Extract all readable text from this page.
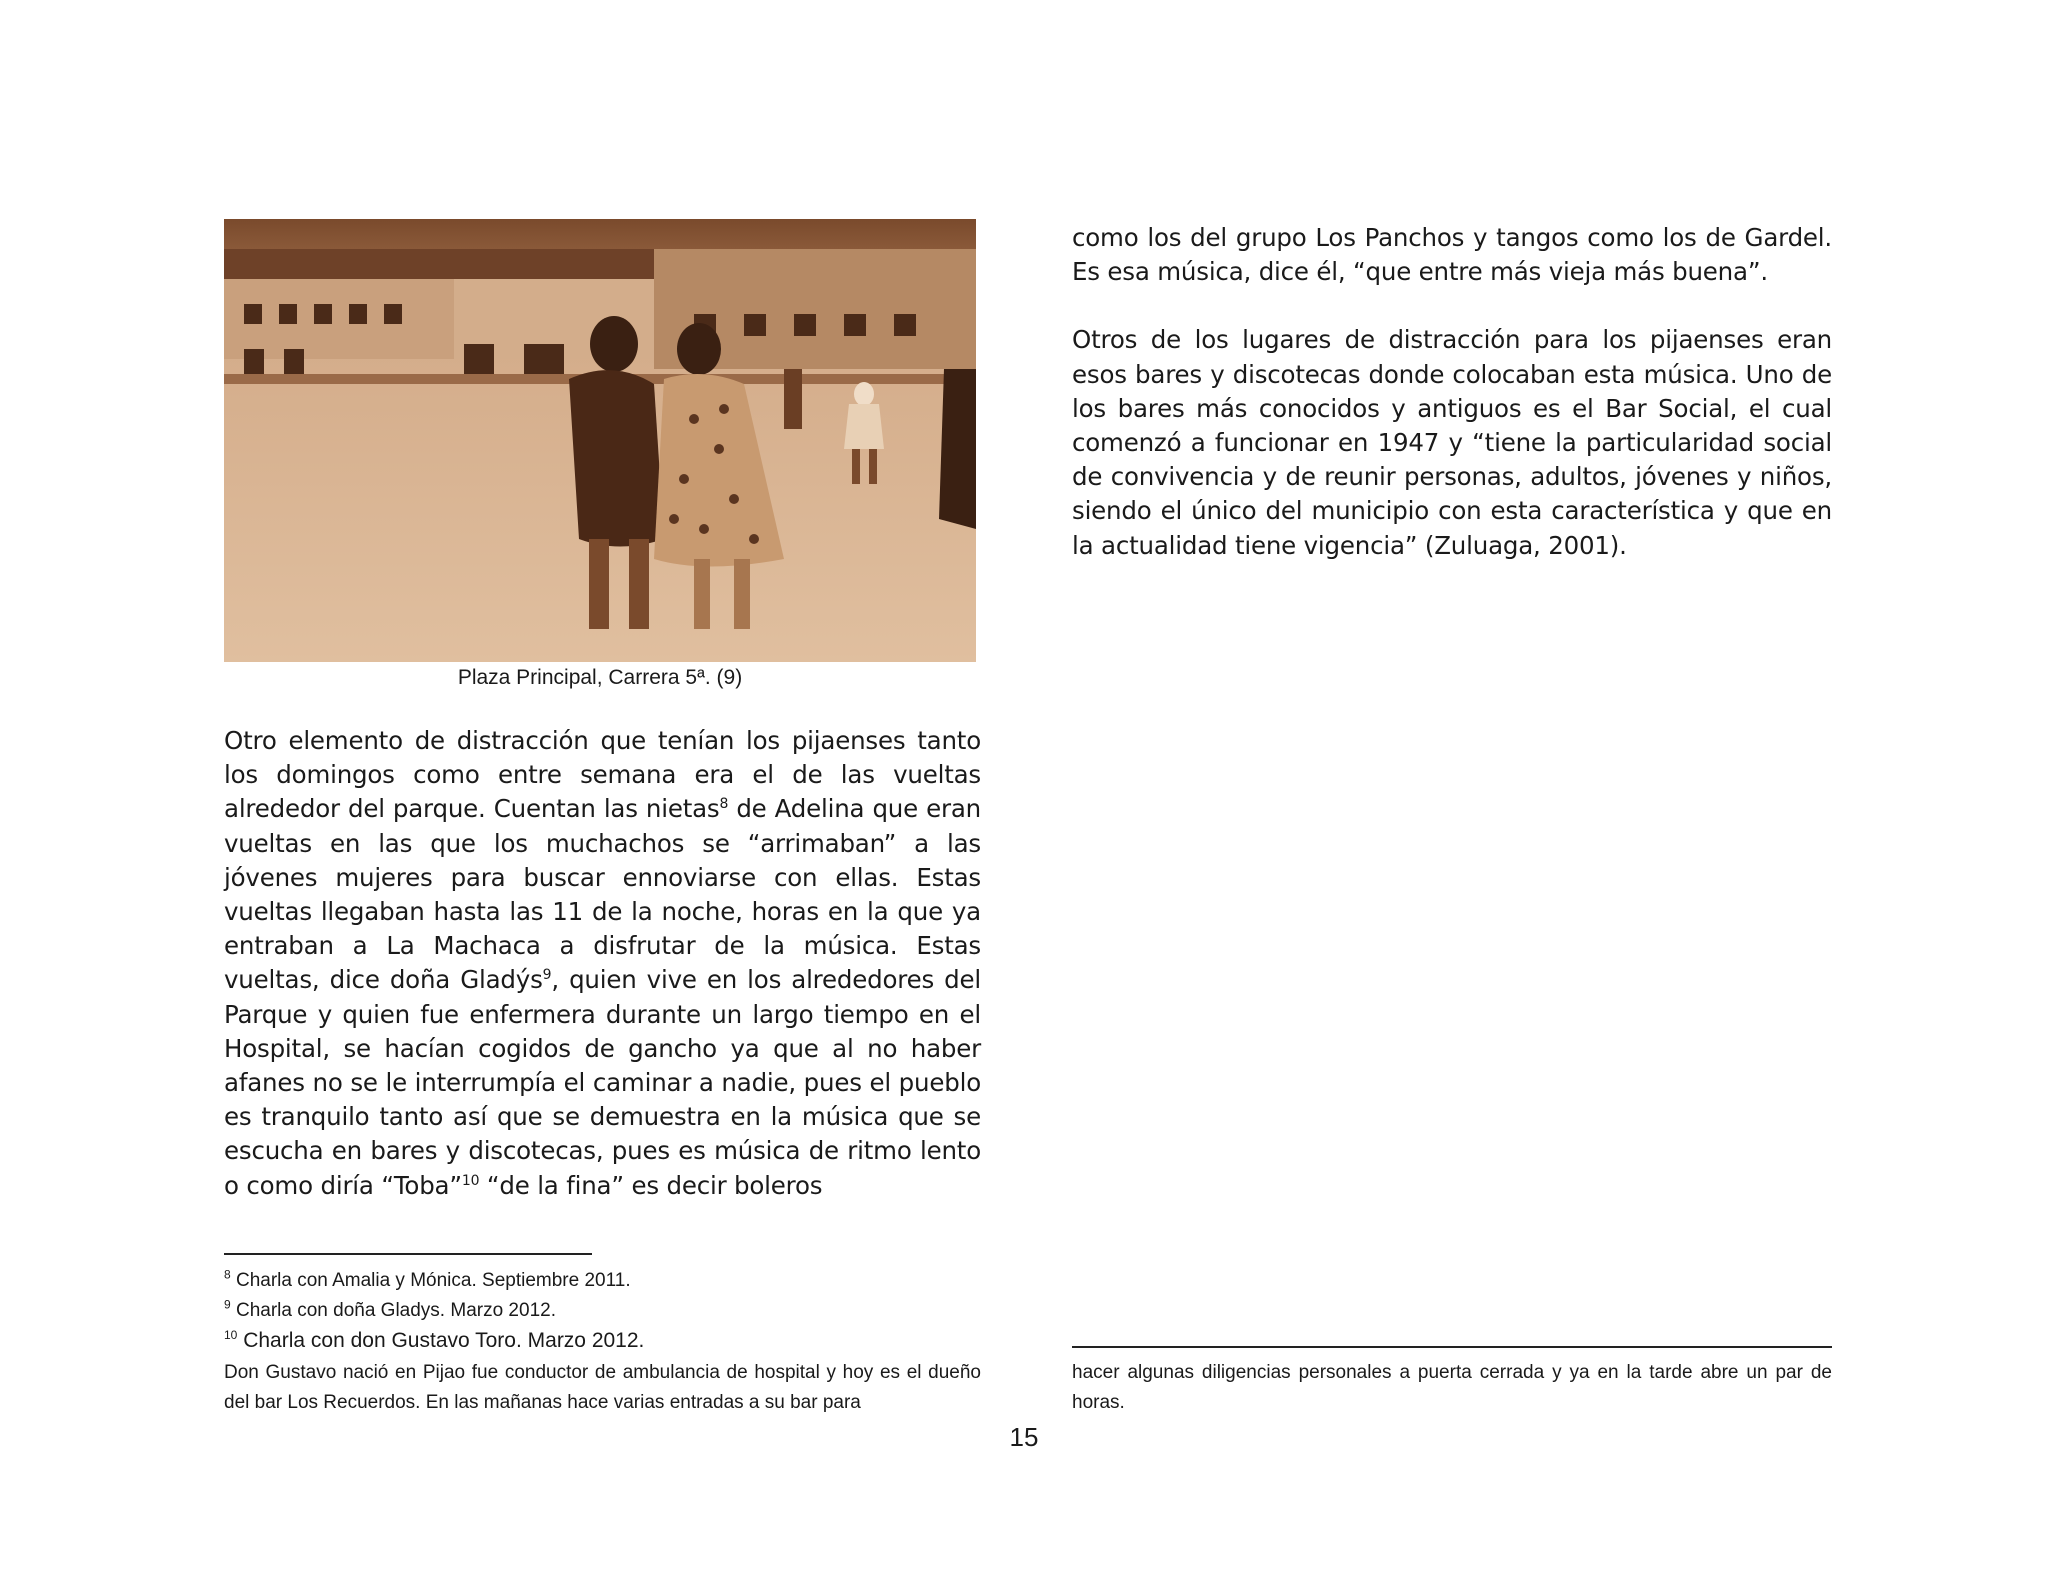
Plaza Principal, Carrera 5ª. (9)

Otro elemento de distracción que tenían los pijaenses tanto los domingos como entre semana era el de las vueltas alrededor del parque. Cuentan las nietas$^8$ de Adelina que eran vueltas en las que los muchachos se “arrimaban” a las jóvenes mujeres para buscar ennoviarse con ellas. Estas vueltas llegaban hasta las 11 de la noche, horas en la que ya entraban a La Machaca a disfrutar de la música. Estas vueltas, dice doña Gladýs$^9$, quien vive en los alrededores del Parque y quien fue enfermera durante un largo tiempo en el Hospital, se hacían cogidos de gancho ya que al no haber afanes no se le interrumpía el caminar a nadie, pues el pueblo es tranquilo tanto así que se demuestra en la música que se escucha en bares y discotecas, pues es música de ritmo lento o como diría “Toba”$^{10}$ “de la fina” es decir boleros

como los del grupo Los Panchos y tangos como los de Gardel. Es esa música, dice él, “que entre más vieja más buena”.

Otros de los lugares de distracción para los pijaenses eran esos bares y discotecas donde colocaban esta música. Uno de los bares más conocidos y antiguos es el Bar Social, el cual comenzó a funcionar en 1947 y “tiene la particularidad social de convivencia y de reunir personas, adultos, jóvenes y niños, siendo el único del municipio con esta característica y que en la actualidad tiene vigencia” (Zuluaga, 2001).

$^8$ Charla con Amalia y Mónica. Septiembre 2011.

$^9$ Charla con doña Gladys. Marzo 2012.

$^{10}$ Charla con don Gustavo Toro. Marzo 2012.

Don Gustavo nació en Pijao fue conductor de ambulancia de hospital y hoy es el dueño del bar Los Recuerdos. En las mañanas hace varias entradas a su bar para

hacer algunas diligencias personales a puerta cerrada y ya en la tarde abre un par de horas.
15
